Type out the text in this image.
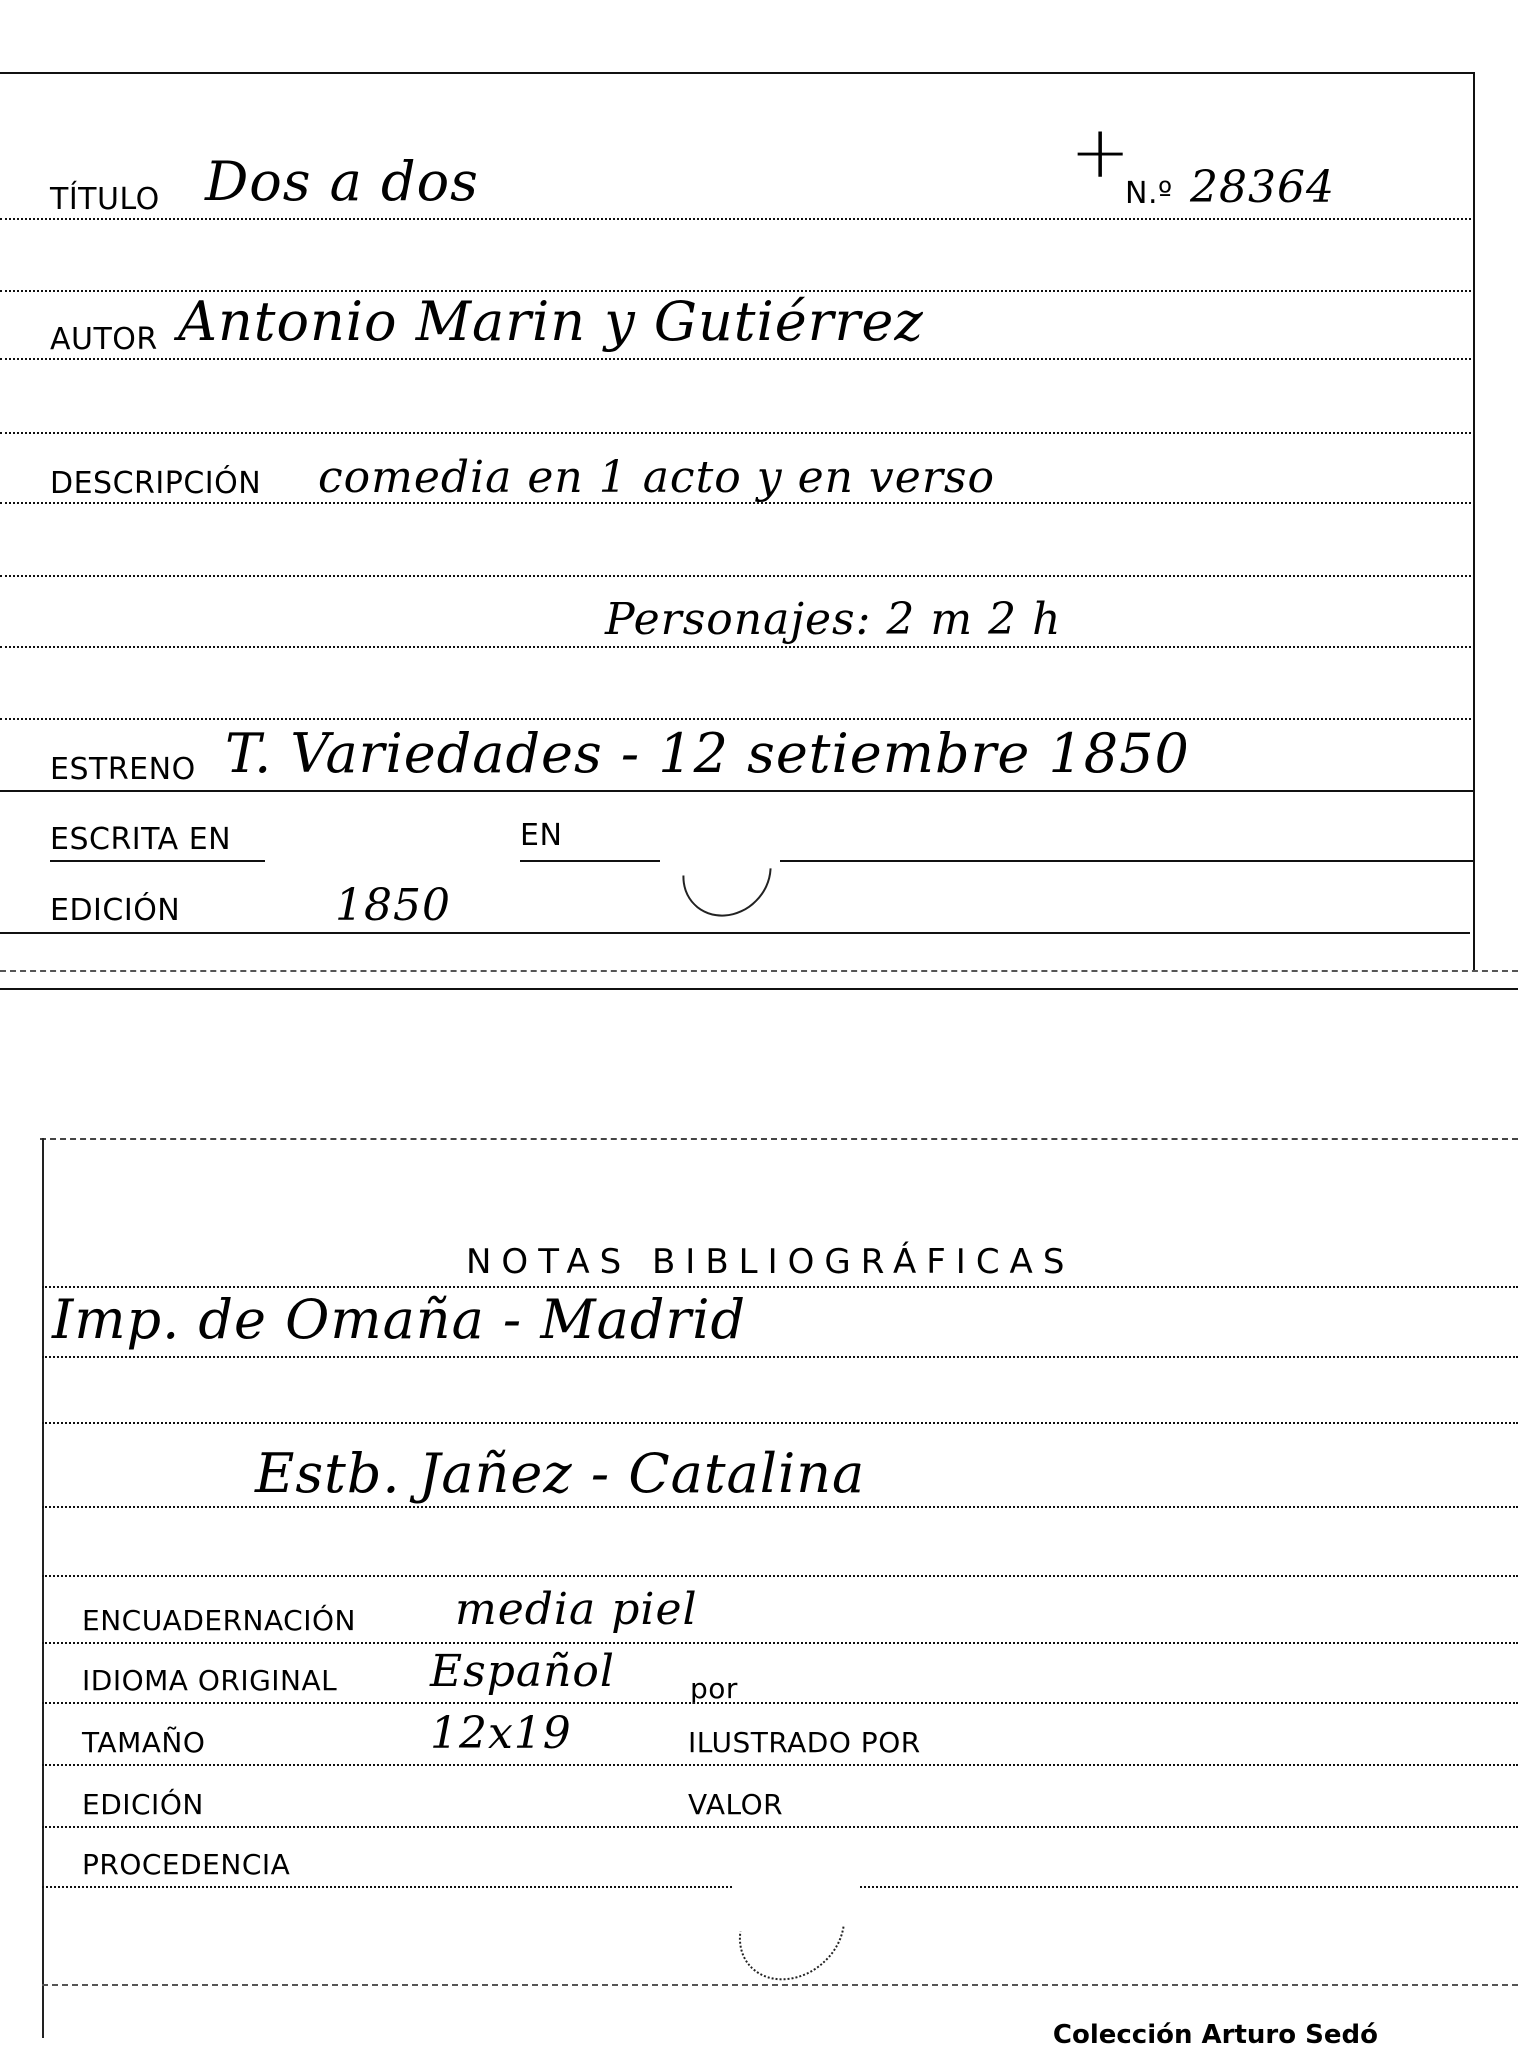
TÍTULO Dos a dos	+
N.º 28364
AUTOR Antonio Marin y Gutiérrez
DESCRIPCIÓN comedia en 1 acto y en verso
Personajes: 2 m 2 h
ESTRENO T. Variedades - 12 setiembre 1850
ESCRITA EN	EN
EDICIÓN	1850
NOTAS BIBLIOGRÁFICAS
Imp. de Omaña - Madrid
Estb. Jañez - Catalina
ENCUADERNACIÓN media piel
IDIOMA ORIGINAL Español	por
TAMAÑO	12x19	ILUSTRADO POR
EDICIÓN	VALOR
PROCEDENCIA
Colección Arturo Sedó
